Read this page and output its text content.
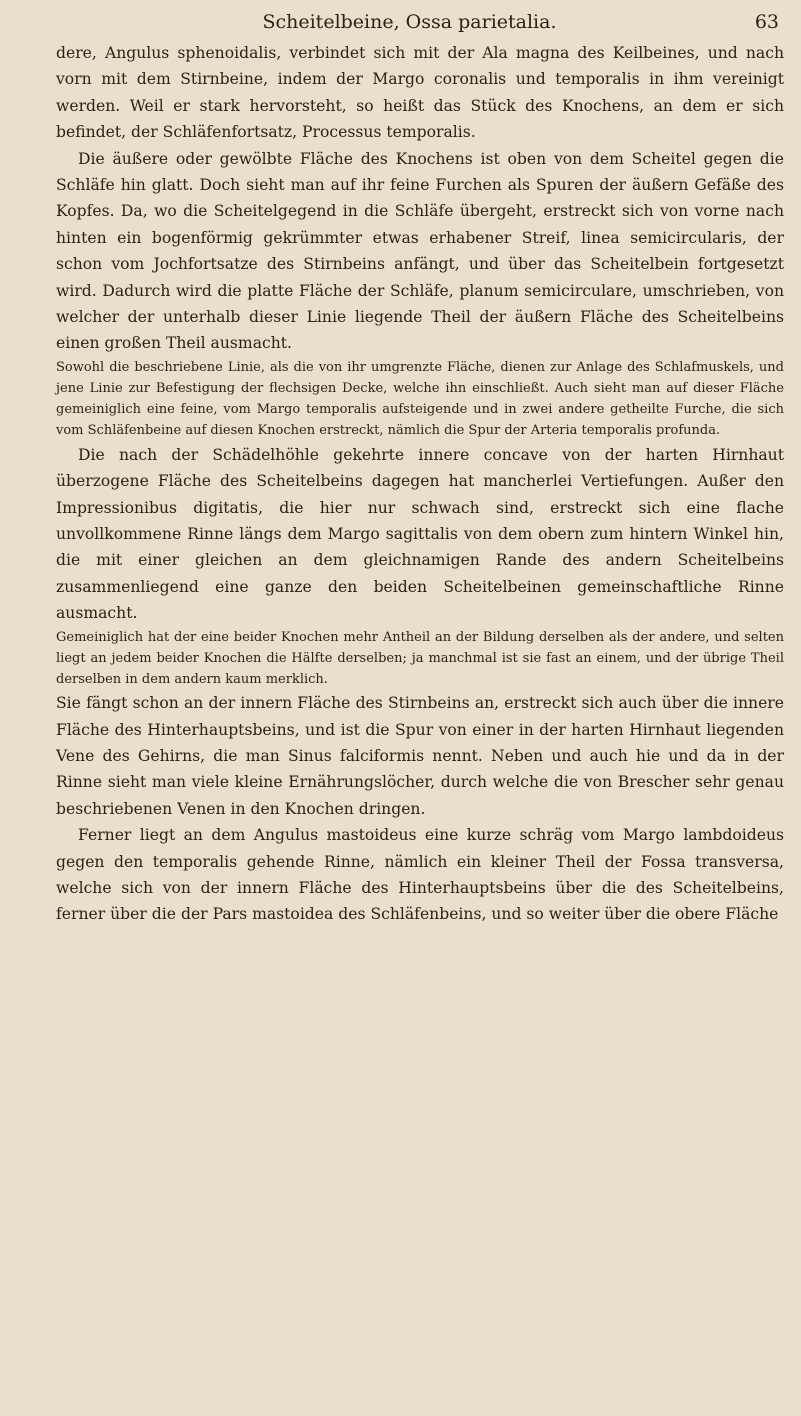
Scheitelbeine, Ossa parietalia.	63

dere, Angulus sphenoidalis, verbindet sich mit der Ala magna des Keilbeines, und nach vorn mit dem Stirnbeine, indem der Margo coronalis und temporalis in ihm vereinigt werden. Weil er stark hervorsteht, so heißt das Stück des Knochens, an dem er sich befindet, der Schläfenfortsatz, Processus temporalis.

Die äußere oder gewölbte Fläche des Knochens ist oben von dem Scheitel gegen die Schläfe hin glatt. Doch sieht man auf ihr feine Furchen als Spuren der äußern Gefäße des Kopfes. Da, wo die Scheitelgegend in die Schläfe übergeht, erstreckt sich von vorne nach hinten ein bogenförmig gekrümmter etwas erhabener Streif, linea semicircularis, der schon vom Jochfortsatze des Stirnbeins anfängt, und über das Scheitelbein fortgesetzt wird. Dadurch wird die platte Fläche der Schläfe, planum semicirculare, umschrieben, von welcher der unterhalb dieser Linie liegende Theil der äußern Fläche des Scheitelbeins einen großen Theil ausmacht.

Sowohl die beschriebene Linie, als die von ihr umgrenzte Fläche, dienen zur Anlage des Schlafmuskels, und jene Linie zur Befestigung der flechsigen Decke, welche ihn einschließt. Auch sieht man auf dieser Fläche gemeiniglich eine feine, vom Margo temporalis aufsteigende und in zwei andere getheilte Furche, die sich vom Schläfenbeine auf diesen Knochen erstreckt, nämlich die Spur der Arteria temporalis profunda.

Die nach der Schädelhöhle gekehrte innere concave von der harten Hirnhaut überzogene Fläche des Scheitelbeins dagegen hat mancherlei Vertiefungen. Außer den Impressionibus digitatis, die hier nur schwach sind, erstreckt sich eine flache unvollkommene Rinne längs dem Margo sagittalis von dem obern zum hintern Winkel hin, die mit einer gleichen an dem gleichnamigen Rande des andern Scheitelbeins zusammenliegend eine ganze den beiden Scheitelbeinen gemeinschaftliche Rinne ausmacht.

Gemeiniglich hat der eine beider Knochen mehr Antheil an der Bildung derselben als der andere, und selten liegt an jedem beider Knochen die Hälfte derselben; ja manchmal ist sie fast an einem, und der übrige Theil derselben in dem andern kaum merklich.

Sie fängt schon an der innern Fläche des Stirnbeins an, erstreckt sich auch über die innere Fläche des Hinterhauptsbeins, und ist die Spur von einer in der harten Hirnhaut liegenden Vene des Gehirns, die man Sinus falciformis nennt. Neben und auch hie und da in der Rinne sieht man viele kleine Ernährungslöcher, durch welche die von Brescher sehr genau beschriebenen Venen in den Knochen dringen.

Ferner liegt an dem Angulus mastoideus eine kurze schräg vom Margo lambdoideus gegen den temporalis gehende Rinne, nämlich ein kleiner Theil der Fossa transversa, welche sich von der innern Fläche des Hinterhauptsbeins über die des Scheitelbeins, ferner über die der Pars mastoidea des Schläfenbeins, und so weiter über die obere Fläche
